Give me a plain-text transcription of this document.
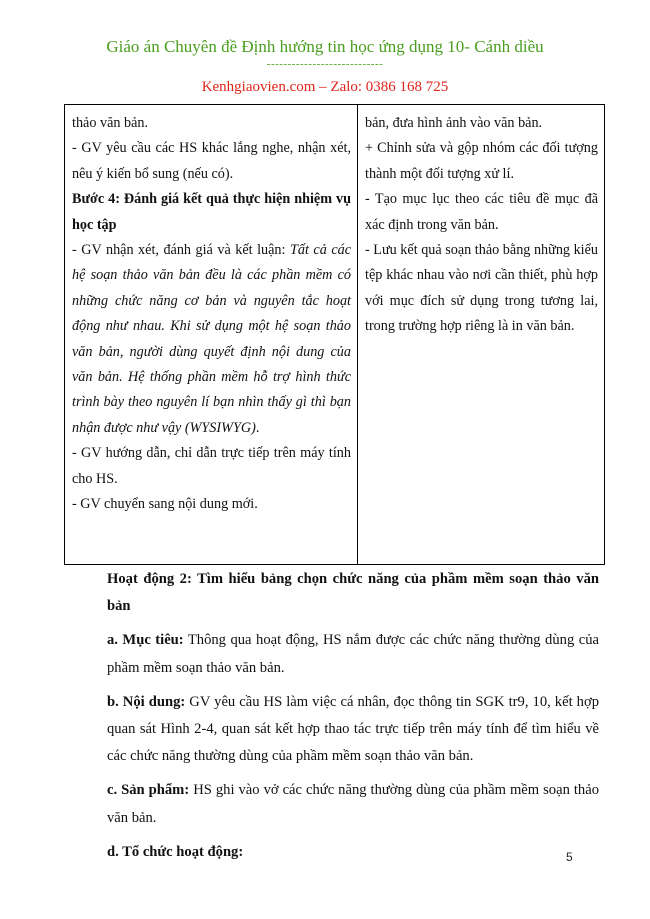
Giáo án Chuyên đề Định hướng tin học ứng dụng 10- Cánh diều
----------------------------
Kenhgiaovien.com – Zalo: 0386 168 725

thảo văn bản.

- GV yêu cầu các HS khác lắng nghe, nhận xét, nêu ý kiến bổ sung (nếu có).

Bước 4: Đánh giá kết quả thực hiện nhiệm vụ học tập

- GV nhận xét, đánh giá và kết luận: Tất cả các hệ soạn thảo văn bản đều là các phần mềm có những chức năng cơ bản và nguyên tắc hoạt động như nhau. Khi sử dụng một hệ soạn thảo văn bản, người dùng quyết định nội dung của văn bản. Hệ thống phần mềm hỗ trợ hình thức trình bày theo nguyên lí bạn nhìn thấy gì thì bạn nhận được như vậy (WYSIWYG).

- GV hướng dẫn, chỉ dẫn trực tiếp trên máy tính cho HS.

- GV chuyển sang nội dung mới.

bản, đưa hình ảnh vào văn bản.

+ Chỉnh sửa và gộp nhóm các đối tượng thành một đối tượng xử lí.

- Tạo mục lục theo các tiêu đề mục đã xác định trong văn bản.

- Lưu kết quả soạn thảo bằng những kiểu tệp khác nhau vào nơi cần thiết, phù hợp với mục đích sử dụng trong tương lai, trong trường hợp riêng là in văn bản.

Hoạt động 2: Tìm hiểu bảng chọn chức năng của phầm mềm soạn thảo văn bản

a. Mục tiêu: Thông qua hoạt động, HS nắm được các chức năng thường dùng của phầm mềm soạn thảo văn bản.

b. Nội dung: GV yêu cầu HS làm việc cá nhân, đọc thông tin SGK tr9, 10, kết hợp quan sát Hình 2-4, quan sát kết hợp thao tác trực tiếp trên máy tính để tìm hiểu về các chức năng thường dùng của phầm mềm soạn thảo văn bản.

c. Sản phẩm: HS ghi vào vở các chức năng thường dùng của phầm mềm soạn thảo văn bản.

d. Tổ chức hoạt động:	5
